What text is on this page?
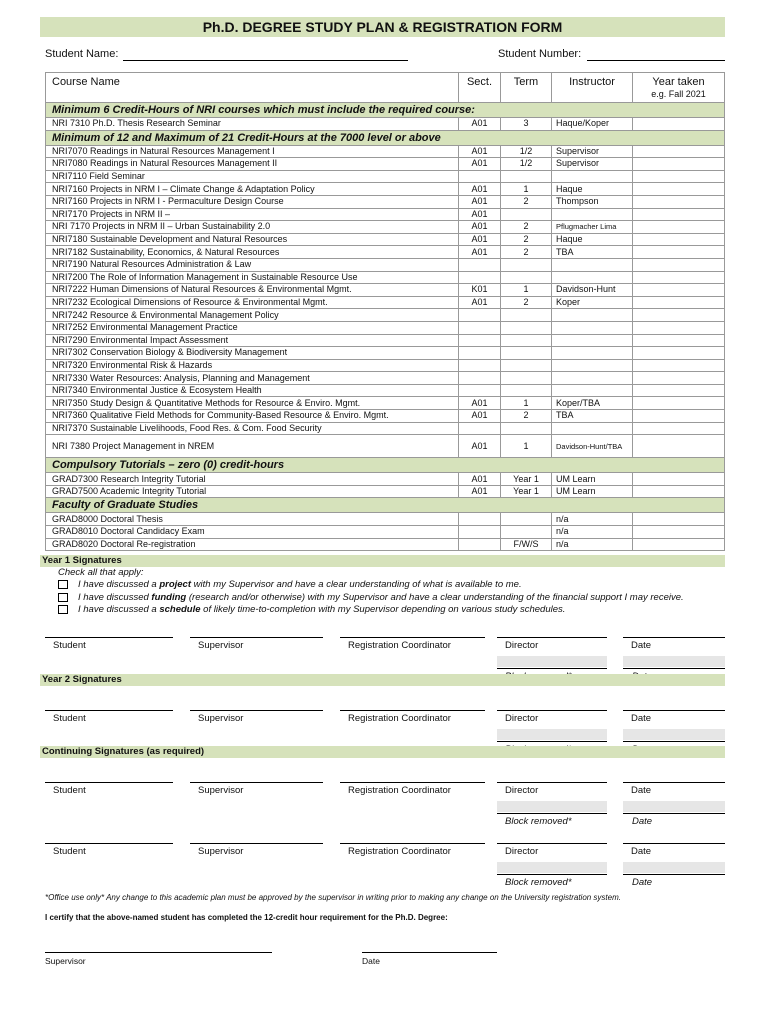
Ph.D. DEGREE STUDY PLAN & REGISTRATION FORM
Student Name:	Student Number:
Course Name	Sect.	Term	Instructor	Year taken
e.g. Fall 2021

Minimum 6 Credit-Hours of NRI courses which must include the required course:				
NRI 7310 Ph.D. Thesis Research Seminar	A01	3	Haque/Koper	
Minimum of 12 and Maximum of 21 Credit-Hours at the 7000 level or above				
NRI7070 Readings in Natural Resources Management I	A01	1/2	Supervisor	
NRI7080 Readings in Natural Resources Management II	A01	1/2	Supervisor	
NRI7110 Field Seminar				
NRI7160 Projects in NRM I – Climate Change & Adaptation Policy	A01	1	Haque	
NRI7160 Projects in NRM I - Permaculture Design Course	A01	2	Thompson	
NRI7170 Projects in NRM II –	A01			
NRI 7170 Projects in NRM II – Urban Sustainability 2.0	A01	2	Pflugmacher Lima	
NRI7180 Sustainable Development and Natural Resources	A01	2	Haque	
NRI7182 Sustainability, Economics, & Natural Resources	A01	2	TBA	
NRI7190 Natural Resources Administration & Law				
NRI7200 The Role of Information Management in Sustainable Resource Use				
NRI7222 Human Dimensions of Natural Resources & Environmental Mgmt.	K01	1	Davidson-Hunt	
NRI7232 Ecological Dimensions of Resource & Environmental Mgmt.	A01	2	Koper	
NRI7242 Resource & Environmental Management Policy				
NRI7252 Environmental Management Practice				
NRI7290 Environmental Impact Assessment				
NRI7302 Conservation Biology & Biodiversity Management				
NRI7320 Environmental Risk & Hazards				
NRI7330 Water Resources: Analysis, Planning and Management				
NRI7340 Environmental Justice & Ecosystem Health				
NRI7350 Study Design & Quantitative Methods for Resource & Enviro. Mgmt.	A01	1	Koper/TBA	
NRI7360 Qualitative Field Methods for Community-Based Resource & Enviro. Mgmt.	A01	2	TBA	
NRI7370 Sustainable Livelihoods, Food Res. & Com. Food Security				
NRI 7380 Project Management in NREM	A01	1	Davidson-Hunt/TBA	
Compulsory Tutorials – zero (0) credit-hours				
GRAD7300 Research Integrity Tutorial	A01	Year 1	UM Learn	
GRAD7500 Academic Integrity Tutorial	A01	Year 1	UM Learn	
Faculty of Graduate Studies				
GRAD8000 Doctoral Thesis			n/a	
GRAD8010 Doctoral Candidacy Exam			n/a	
GRAD8020 Doctoral Re-registration		F/W/S	n/a	
Year 1 Signatures
Check all that apply:
I have discussed a project with my Supervisor and have a clear understanding of what is available to me.
I have discussed funding (research and/or otherwise) with my Supervisor and have a clear understanding of the financial support I may receive.
I have discussed a schedule of likely time-to-completion with my Supervisor depending on various study schedules.
Student	Supervisor	Registration Coordinator	Director	Date
Student	Supervisor	Registration Coordinator	Director	Date
Student	Supervisor	Registration Coordinator	Director	Date
Block removed*	Date
Student	Supervisor	Registration Coordinator	Director	Date
Block removed*	Date
Year 2 Signatures
Continuing Signatures (as required)
*Office use only* Any change to this academic plan must be approved by the supervisor in writing prior to making any change on the University registration system.
I certify that the above-named student has completed the 12-credit hour requirement for the Ph.D. Degree:
Supervisor	Date
